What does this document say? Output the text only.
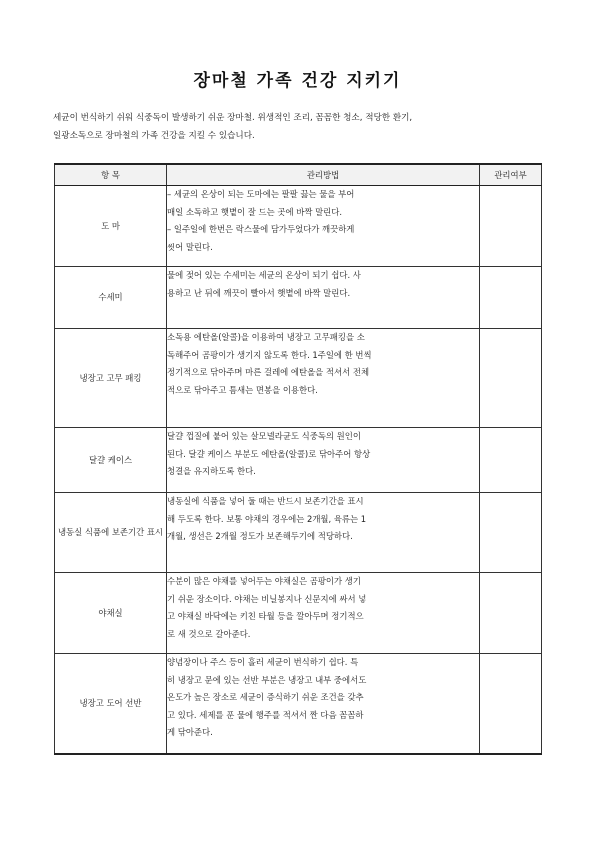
장마철 가족 건강 지키기
세균이 번식하기 쉬워 식중독이 발생하기 쉬운 장마철. 위생적인 조리, 꼼꼼한 청소, 적당한 환기,
일광소독으로 장마철의 가족 건강을 지킬 수 있습니다.
항 목	관리방법	관리여부
도 마	– 세균의 온상이 되는 도마에는 팔팔 끓는 물을 부어
매일 소독하고 햇볕이 잘 드는 곳에 바짝 말린다.
– 일주일에 한번은 락스물에 담가두었다가 깨끗하게
씻어 말린다.	
수세미	물에 젖어 있는 수세미는 세균의 온상이 되기 쉽다. 사
용하고 난 뒤에 깨끗이 빨아서 햇볕에 바짝 말린다.	
냉장고 고무 패킹	소독용 에탄올(알콜)을 이용하여 냉장고 고무패킹을 소
독해주어 곰팡이가 생기지 않도록 한다. 1주일에 한 번씩
정기적으로 닦아주며 마른 걸레에 에탄올을 적셔서 전체
적으로 닦아주고 틈새는 면봉을 이용한다.	
달걀 케이스	달걀 껍질에 붙어 있는 살모넬라균도 식중독의 원인이
된다. 달걀 케이스 부분도 에탄올(알콜)로 닦아주어 항상
청결을 유지하도록 한다.	
냉동실 식품에 보존기간 표시	냉동실에 식품을 넣어 둘 때는 반드시 보존기간을 표시
해 두도록 한다. 보통 야채의 경우에는 2개월, 육류는 1
개월, 생선은 2개월 정도가 보존해두기에 적당하다.	
야채실	수분이 많은 야채를 넣어두는 야채실은 곰팡이가 생기
기 쉬운 장소이다. 야채는 비닐봉지나 신문지에 싸서 넣
고 야채실 바닥에는 키친 타월 등을 깔아두며 정기적으
로 새 것으로 갈아준다.	
냉장고 도어 선반	양념장이나 주스 등이 흘러 세균이 번식하기 쉽다. 특
히 냉장고 문에 있는 선반 부분은 냉장고 내부 중에서도
온도가 높은 장소로 세균이 증식하기 쉬운 조건을 갖추
고 있다. 세제를 푼 물에 행주를 적셔서 짠 다음 꼼꼼하
게 닦아준다.	
